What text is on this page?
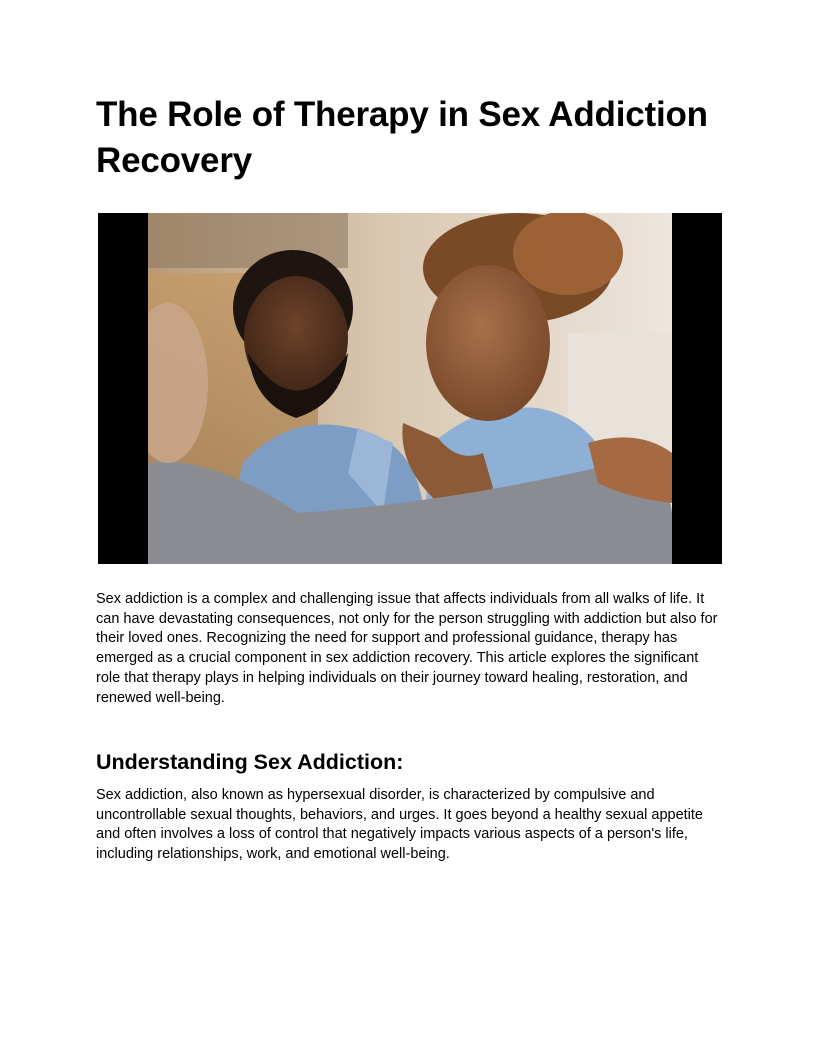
The Role of Therapy in Sex Addiction Recovery

Sex addiction is a complex and challenging issue that affects individuals from all walks of life. It can have devastating consequences, not only for the person struggling with addiction but also for their loved ones. Recognizing the need for support and professional guidance, therapy has emerged as a crucial component in sex addiction recovery. This article explores the significant role that therapy plays in helping individuals on their journey toward healing, restoration, and renewed well-being.

Understanding Sex Addiction:

Sex addiction, also known as hypersexual disorder, is characterized by compulsive and uncontrollable sexual thoughts, behaviors, and urges. It goes beyond a healthy sexual appetite and often involves a loss of control that negatively impacts various aspects of a person's life, including relationships, work, and emotional well-being.
